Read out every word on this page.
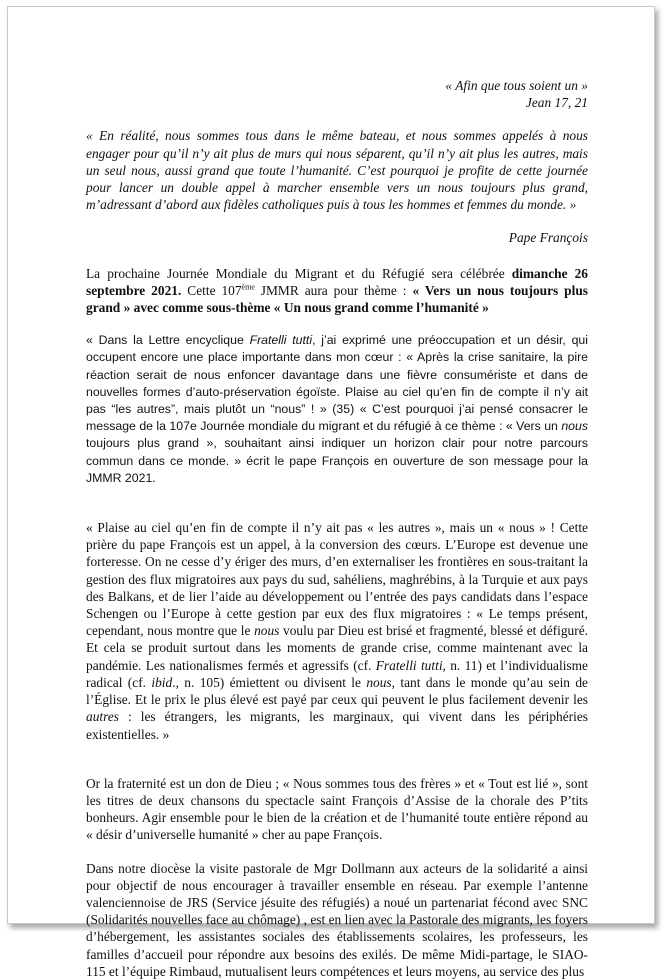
« Afin que tous soient un »

Jean 17, 21

« En réalité, nous sommes tous dans le même bateau, et nous sommes appelés à nous engager pour qu’il n’y ait plus de murs qui nous séparent, qu’il n’y ait plus les autres, mais un seul nous, aussi grand que toute l’humanité. C’est pourquoi je profite de cette journée pour lancer un double appel à marcher ensemble vers un nous toujours plus grand, m’adressant d’abord aux fidèles catholiques puis à tous les hommes et femmes du monde. »

Pape François

La prochaine Journée Mondiale du Migrant et du Réfugié sera célébrée dimanche 26 septembre 2021. Cette 107ème JMMR aura pour thème : « Vers un nous toujours plus grand » avec comme sous-thème « Un nous grand comme l’humanité »

« Dans la Lettre encyclique Fratelli tutti, j’ai exprimé une préoccupation et un désir, qui occupent encore une place importante dans mon cœur : « Après la crise sanitaire, la pire réaction serait de nous enfoncer davantage dans une fièvre consumériste et dans de nouvelles formes d’auto-préservation égoïste. Plaise au ciel qu’en fin de compte il n’y ait pas “les autres”, mais plutôt un “nous” ! » (35) « C’est pourquoi j’ai pensé consacrer le message de la 107e Journée mondiale du migrant et du réfugié à ce thème : « Vers un nous toujours plus grand », souhaitant ainsi indiquer un horizon clair pour notre parcours commun dans ce monde. » écrit le pape François en ouverture de son message pour la JMMR 2021.

« Plaise au ciel qu’en fin de compte il n’y ait pas « les autres », mais un « nous » ! Cette prière du pape François est un appel, à la conversion des cœurs. L’Europe est devenue une forteresse. On ne cesse d’y ériger des murs, d’en externaliser les frontières en sous-traitant la gestion des flux migratoires aux pays du sud, sahéliens, maghrébins, à la Turquie et aux pays des Balkans, et de lier l’aide au développement ou l’entrée des pays candidats dans l’espace Schengen ou l’Europe à cette gestion par eux des flux migratoires : « Le temps présent, cependant, nous montre que le nous voulu par Dieu est brisé et fragmenté, blessé et défiguré. Et cela se produit surtout dans les moments de grande crise, comme maintenant avec la pandémie. Les nationalismes fermés et agressifs (cf. Fratelli tutti, n. 11) et l’individualisme radical (cf. ibid., n. 105) émiettent ou divisent le nous, tant dans le monde qu’au sein de l’Église. Et le prix le plus élevé est payé par ceux qui peuvent le plus facilement devenir les autres : les étrangers, les migrants, les marginaux, qui vivent dans les périphéries existentielles. »

Or la fraternité est un don de Dieu ; « Nous sommes tous des frères » et « Tout est lié », sont les titres de deux chansons du spectacle saint François d’Assise de la chorale des P’tits bonheurs. Agir ensemble pour le bien de la création et de l’humanité toute entière répond au « désir d’universelle humanité » cher au pape François.

Dans notre diocèse la visite pastorale de Mgr Dollmann aux acteurs de la solidarité a ainsi pour objectif de nous encourager à travailler ensemble en réseau. Par exemple l’antenne valenciennoise de JRS (Service jésuite des réfugiés) a noué un partenariat fécond avec SNC (Solidarités nouvelles face au chômage) , est en lien avec la Pastorale des migrants, les foyers d’hébergement, les assistantes sociales des établissements scolaires, les professeurs, les familles d’accueil pour répondre aux besoins des exilés. De même Midi-partage, le SIAO-115 et l’équipe Rimbaud, mutualisent leurs compétences et leurs moyens, au service des plus
